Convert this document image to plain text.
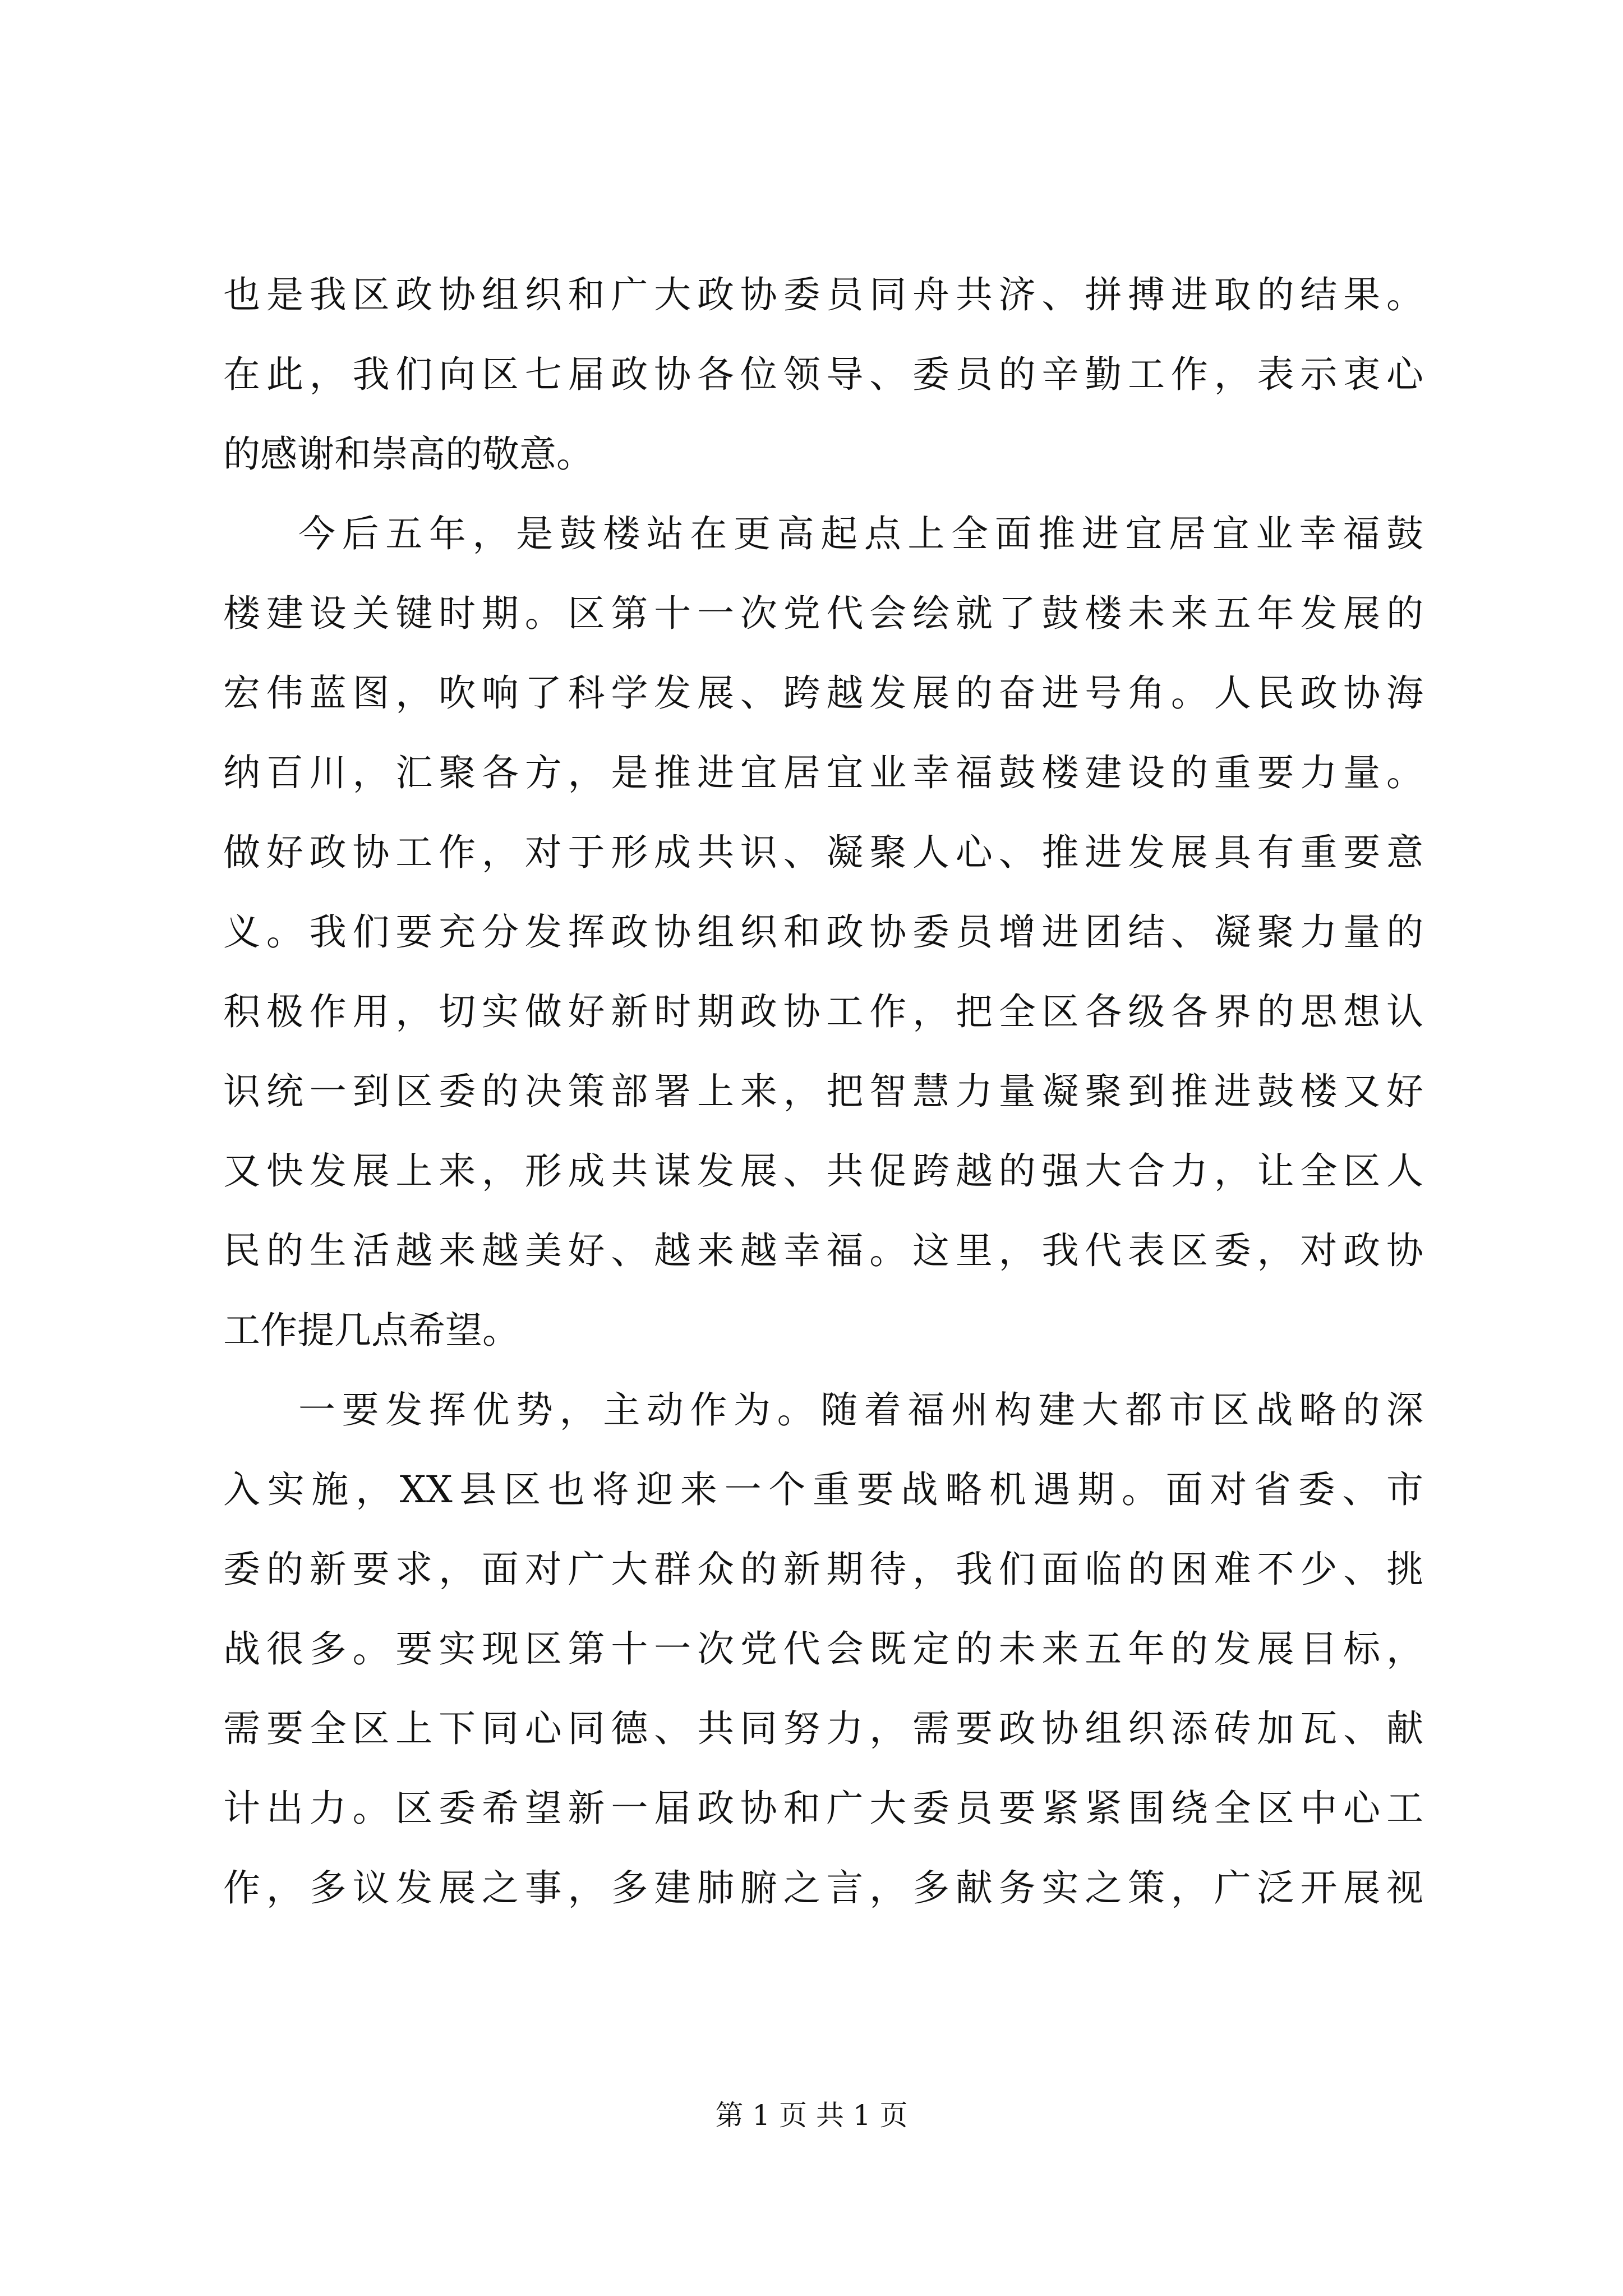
也是我区政协组织和广大政协委员同舟共济、拼搏进取的结果。
在此，我们向区七届政协各位领导、委员的辛勤工作，表示衷心
的感谢和崇高的敬意。
今后五年，是鼓楼站在更高起点上全面推进宜居宜业幸福鼓
楼建设关键时期。区第十一次党代会绘就了鼓楼未来五年发展的
宏伟蓝图，吹响了科学发展、跨越发展的奋进号角。人民政协海
纳百川，汇聚各方，是推进宜居宜业幸福鼓楼建设的重要力量。
做好政协工作，对于形成共识、凝聚人心、推进发展具有重要意
义。我们要充分发挥政协组织和政协委员增进团结、凝聚力量的
积极作用，切实做好新时期政协工作，把全区各级各界的思想认
识统一到区委的决策部署上来，把智慧力量凝聚到推进鼓楼又好
又快发展上来，形成共谋发展、共促跨越的强大合力，让全区人
民的生活越来越美好、越来越幸福。这里，我代表区委，对政协
工作提几点希望。
一要发挥优势，主动作为。随着福州构建大都市区战略的深
入实施，XX县区也将迎来一个重要战略机遇期。面对省委、市
委的新要求，面对广大群众的新期待，我们面临的困难不少、挑
战很多。要实现区第十一次党代会既定的未来五年的发展目标，
需要全区上下同心同德、共同努力，需要政协组织添砖加瓦、献
计出力。区委希望新一届政协和广大委员要紧紧围绕全区中心工
作，多议发展之事，多建肺腑之言，多献务实之策，广泛开展视
第 1 页 共 1 页
